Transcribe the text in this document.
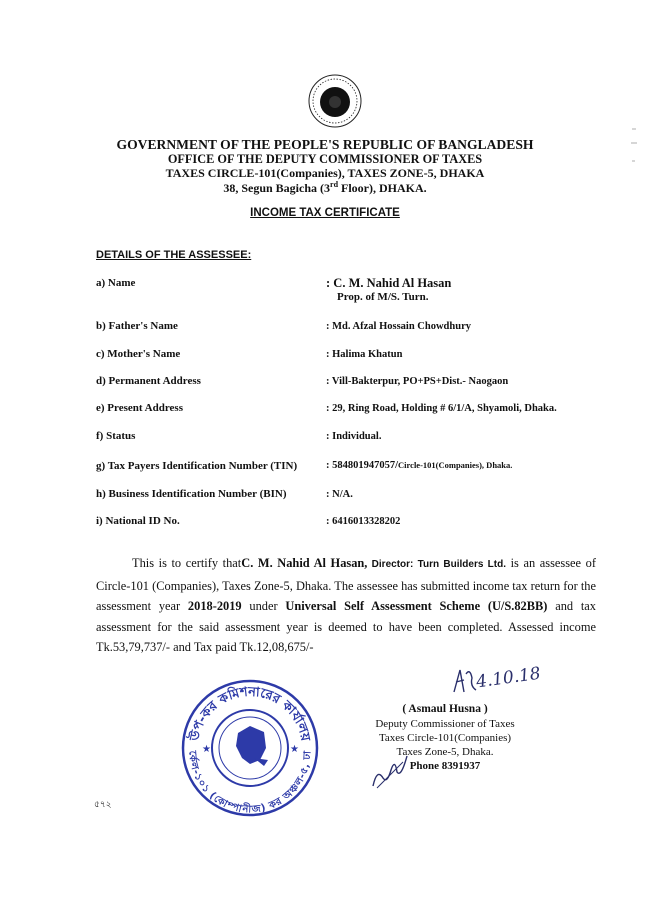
GOVERNMENT OF THE PEOPLE'S REPUBLIC OF BANGLADESH
OFFICE OF THE DEPUTY COMMISSIONER OF TAXES
TAXES CIRCLE-101(Companies), TAXES ZONE-5, DHAKA
38, Segun Bagicha (3rd Floor), DHAKA.
INCOME TAX CERTIFICATE
DETAILS OF THE ASSESSEE:
a) Name	: C. M. Nahid Al Hasan
Prop. of M/S. Turn.
b) Father's Name	: Md. Afzal Hossain Chowdhury
c) Mother's Name	: Halima Khatun
d) Permanent Address	: Vill-Bakterpur, PO+PS+Dist.- Naogaon
e) Present Address	: 29, Ring Road, Holding # 6/1/A, Shyamoli, Dhaka.
f) Status	: Individual.
g) Tax Payers Identification Number (TIN)	: 584801947057/Circle-101(Companies), Dhaka.
h) Business Identification Number (BIN)	: N/A.
i) National ID No.	: 6416013328202
This is to certify thatC. M. Nahid Al Hasan, Director: Turn Builders Ltd. is an assessee of Circle-101 (Companies), Taxes Zone-5, Dhaka. The assessee has submitted income tax return for the assessment year 2018-2019 under Universal Self Assessment Scheme (U/S.82BB) and tax assessment for the said assessment year is deemed to have been completed. Assessed income Tk.53,79,737/- and Tax paid Tk.12,08,675/-
উপ-কর কমিশনারের কার্যালয়
র্কেল-১০১ (কোম্পানীজ) কর অঞ্চল-৫, ঢা
★	★
4.10.18
( Asmaul Husna )
Deputy Commissioner of Taxes
Taxes Circle-101(Companies)
Taxes Zone-5, Dhaka.
Phone 8391937
৫৭২
